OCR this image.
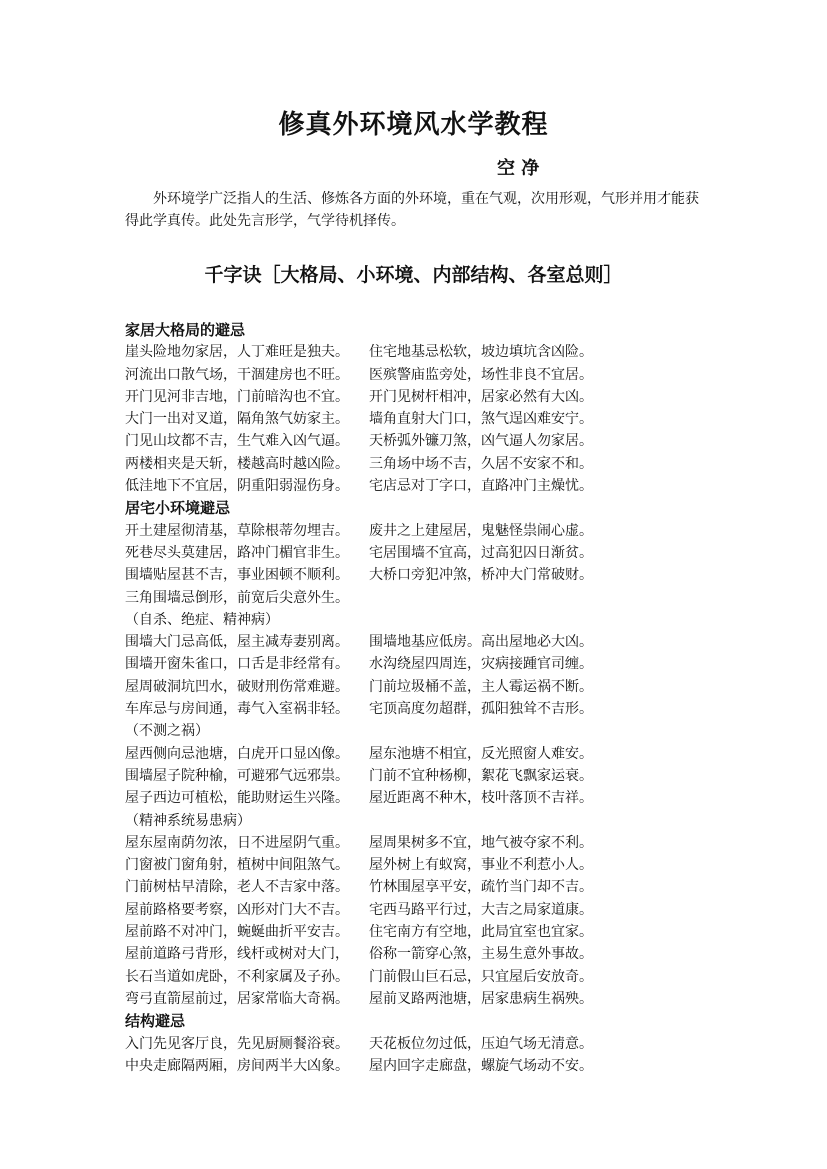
修真外环境风水学教程
空 净

外环境学广泛指人的生活、修炼各方面的外环境，重在气观，次用形观，气形并用才能获得此学真传。此处先言形学，气学待机择传。

千字诀［大格局、小环境、内部结构、各室总则］
家居大格局的避忌
崖头险地勿家居，人丁难旺是独夫。 住宅地基忌松软，坡边填坑含凶险。
河流出口散气场，干涸建房也不旺。 医殡警庙监旁处，场性非良不宜居。
开门见河非吉地，门前暗沟也不宜。 开门见树杆相冲，居家必然有大凶。
大门一出对叉道，隔角煞气妨家主。 墙角直射大门口，煞气逞凶难安宁。
门见山坟都不吉，生气难入凶气逼。 天桥弧外镰刀煞，凶气逼人勿家居。
两楼相夹是天斩，楼越高时越凶险。 三角场中场不吉，久居不安家不和。
低洼地下不宜居，阴重阳弱湿伤身。 宅店忌对丁字口，直路冲门主燥忧。
居宅小环境避忌
开土建屋彻清基，草除根蒂勿埋吉。 废井之上建屋居，鬼魅怪祟闹心虚。
死巷尽头莫建居，路冲门楣官非生。 宅居围墙不宜高，过高犯囚日渐贫。
围墙贴屋甚不吉，事业困顿不顺利。 大桥口旁犯冲煞，桥冲大门常破财。
三角围墙忌倒形，前宽后尖意外生。
（自杀、绝症、精神病）
围墙大门忌高低，屋主减寿妻别离。 围墙地基应低房。高出屋地必大凶。
围墙开窗朱雀口，口舌是非经常有。 水沟绕屋四周连，灾病接踵官司缠。
屋周破洞坑凹水，破财刑伤常难避。 门前垃圾桶不盖，主人霉运祸不断。
车库忌与房间通，毒气入室祸非轻。 宅顶高度勿超群，孤阳独耸不吉形。
（不测之祸）
屋西侧向忌池塘，白虎开口显凶像。 屋东池塘不相宜，反光照窗人难安。
围墙屋子院种榆，可避邪气远邪祟。 门前不宜种杨柳，絮花飞飘家运衰。
屋子西边可植松，能助财运生兴隆。 屋近距离不种木，枝叶落顶不吉祥。
（精神系统易患病）
屋东屋南荫勿浓，日不进屋阴气重。 屋周果树多不宜，地气被夺家不利。
门窗被门窗角射，植树中间阻煞气。 屋外树上有蚁窝，事业不利惹小人。
门前树枯早清除，老人不吉家中落。 竹林围屋享平安，疏竹当门却不吉。
屋前路格要考察，凶形对门大不吉。 宅西马路平行过，大吉之局家道康。
屋前路不对冲门，蜿蜒曲折平安吉。 住宅南方有空地，此局宜室也宜家。
屋前道路弓背形，线杆或树对大门， 俗称一箭穿心煞，主易生意外事故。
长石当道如虎卧，不利家属及子孙。 门前假山巨石忌，只宜屋后安放奇。
弯弓直箭屋前过，居家常临大奇祸。 屋前叉路两池塘，居家患病生祸殃。
结构避忌
入门先见客厅良，先见厨厕餐浴衰。 天花板位勿过低，压迫气场无清意。
中央走廊隔两厢，房间两半大凶象。 屋内回字走廊盘，螺旋气场动不安。
